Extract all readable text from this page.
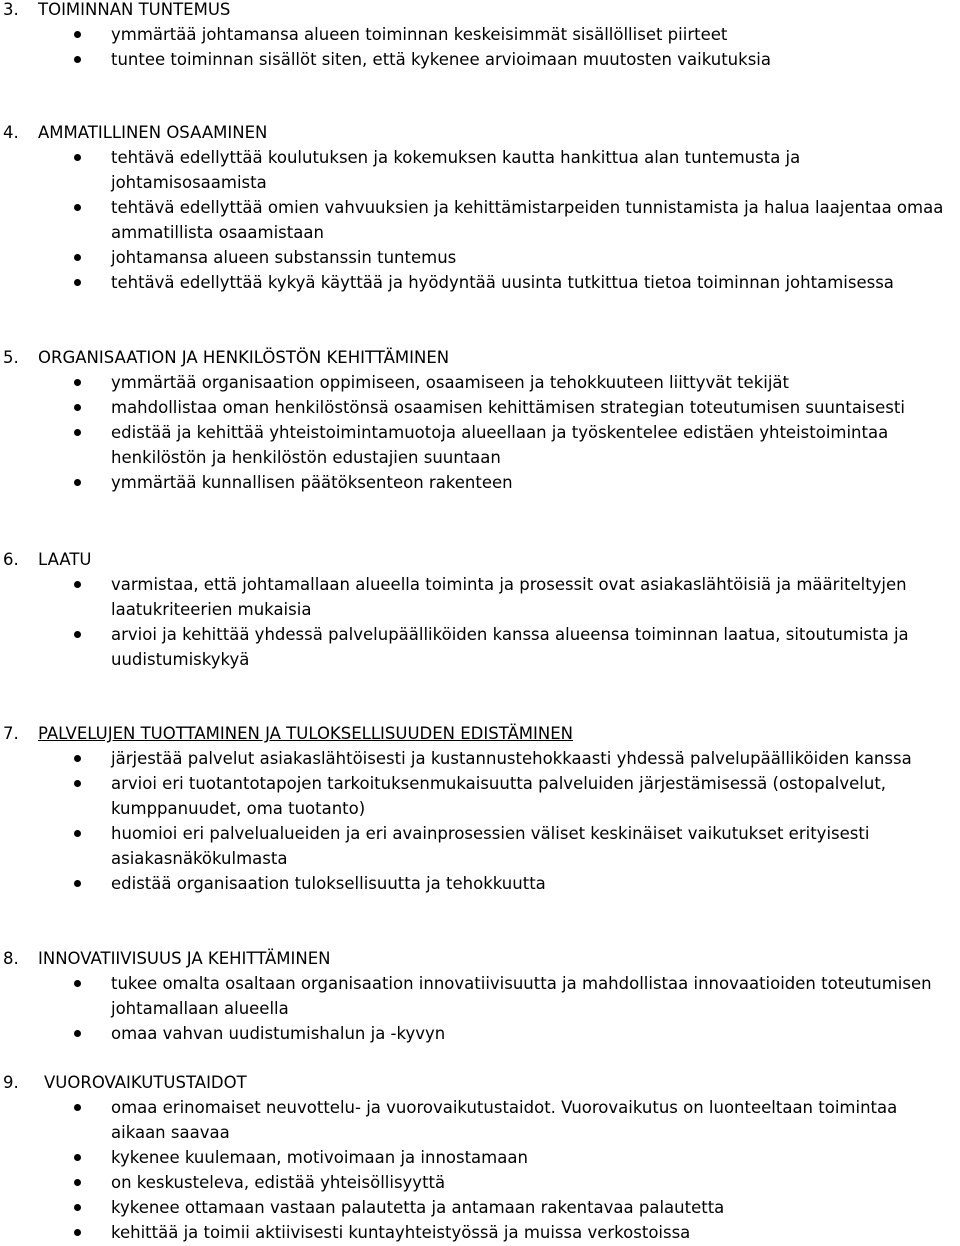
3.	TOIMINNAN TUNTEMUS
ymmärtää johtamansa alueen toiminnan keskeisimmät sisällölliset piirteet
tuntee toiminnan sisällöt siten, että kykenee arvioimaan muutosten vaikutuksia
4.	AMMATILLINEN OSAAMINEN
tehtävä edellyttää koulutuksen ja kokemuksen kautta hankittua alan tuntemusta ja johtamisosaamista
tehtävä edellyttää omien vahvuuksien ja kehittämistarpeiden tunnistamista ja halua laajentaa omaa ammatillista osaamistaan
johtamansa alueen substanssin tuntemus
tehtävä edellyttää kykyä käyttää ja hyödyntää uusinta tutkittua tietoa toiminnan johtamisessa
5.	ORGANISAATION JA HENKILÖSTÖN KEHITTÄMINEN
ymmärtää organisaation oppimiseen, osaamiseen ja tehokkuuteen liittyvät tekijät
mahdollistaa oman henkilöstönsä osaamisen kehittämisen strategian toteutumisen suuntaisesti
edistää ja kehittää yhteistoimintamuotoja alueellaan ja työskentelee edistäen yhteistoimintaa henkilöstön ja henkilöstön edustajien suuntaan
ymmärtää kunnallisen päätöksenteon rakenteen
6.	LAATU
varmistaa, että johtamallaan alueella toiminta ja prosessit ovat asiakaslähtöisiä ja määriteltyjen laatukriteerien mukaisia
arvioi ja kehittää yhdessä palvelupäälliköiden kanssa alueensa toiminnan laatua, sitoutumista ja uudistumiskykyä
7.	PALVELUJEN TUOTTAMINEN JA TULOKSELLISUUDEN EDISTÄMINEN
järjestää palvelut asiakaslähtöisesti ja kustannustehokkaasti yhdessä palvelupäälliköiden kanssa
arvioi eri tuotantotapojen tarkoituksenmukaisuutta palveluiden järjestämisessä (ostopalvelut, kumppanuudet, oma tuotanto)
huomioi eri palvelualueiden ja eri avainprosessien väliset keskinäiset vaikutukset erityisesti asiakasnäkökulmasta
edistää organisaation tuloksellisuutta ja tehokkuutta
8.	INNOVATIIVISUUS JA KEHITTÄMINEN
tukee omalta osaltaan organisaation innovatiivisuutta ja mahdollistaa innovaatioiden toteutumisen johtamallaan alueella
omaa vahvan uudistumishalun ja -kyvyn
9.	VUOROVAIKUTUSTAIDOT
omaa erinomaiset neuvottelu- ja vuorovaikutustaidot. Vuorovaikutus on luonteeltaan toimintaa aikaan saavaa
kykenee kuulemaan, motivoimaan ja innostamaan
on keskusteleva, edistää yhteisöllisyyttä
kykenee ottamaan vastaan palautetta ja antamaan rakentavaa palautetta
kehittää ja toimii aktiivisesti kuntayhteistyössä ja muissa verkostoissa
